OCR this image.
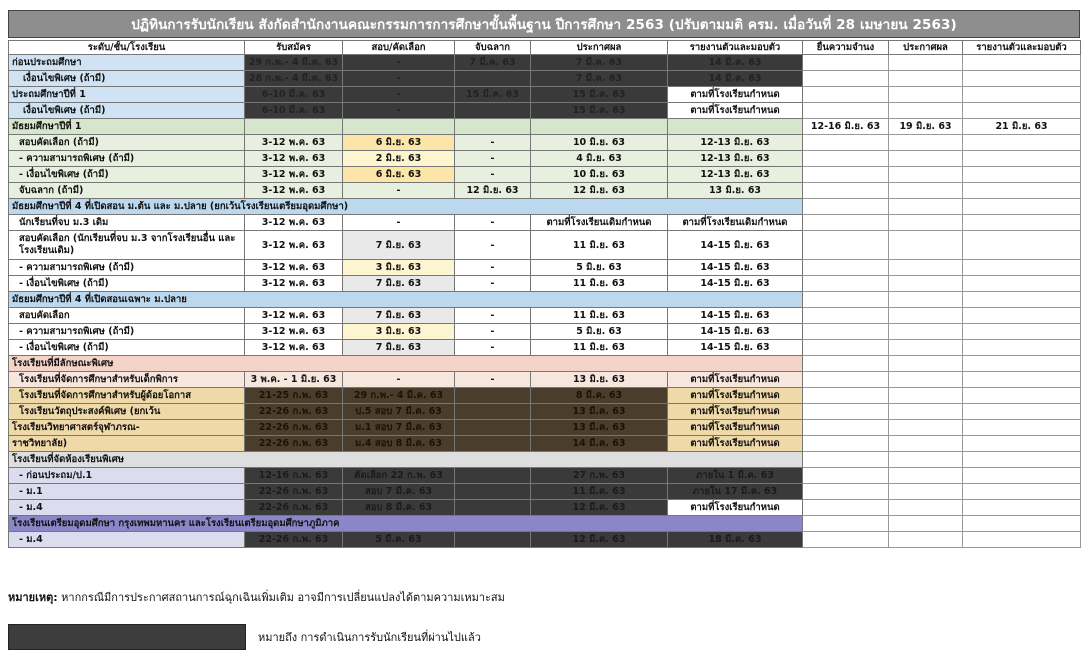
ปฏิทินการรับนักเรียน สังกัดสำนักงานคณะกรรมการการศึกษาขั้นพื้นฐาน ปีการศึกษา 2563 (ปรับตามมติ ครม. เมื่อวันที่ 28 เมษายน 2563)
ระดับ/ชั้น/โรงเรียน	รับสมัคร	สอบ/คัดเลือก	จับฉลาก	ประกาศผล	รายงานตัวและมอบตัว	ยื่นความจำนง	ประกาศผล	รายงานตัวและมอบตัว
ก่อนประถมศึกษา	29 ก.พ.- 4 มี.ค. 63	-	7 มี.ค. 63	7 มี.ค. 63	14 มี.ค. 63			
เงื่อนไขพิเศษ (ถ้ามี)	28 ก.พ.- 4 มี.ค. 63	-		7 มี.ค. 63	14 มี.ค. 63			
ประถมศึกษาปีที่ 1	6-10 มี.ค. 63	-	15 มี.ค. 63	15 มี.ค. 63	ตามที่โรงเรียนกำหนด			
เงื่อนไขพิเศษ (ถ้ามี)	6-10 มี.ค. 63	-		15 มี.ค. 63	ตามที่โรงเรียนกำหนด			
มัธยมศึกษาปีที่ 1						12-16 มิ.ย. 63	19 มิ.ย. 63	21 มิ.ย. 63
สอบคัดเลือก (ถ้ามี)	3-12 พ.ค. 63	6 มิ.ย. 63	-	10 มิ.ย. 63	12-13 มิ.ย. 63			
- ความสามารถพิเศษ (ถ้ามี)	3-12 พ.ค. 63	2 มิ.ย. 63	-	4 มิ.ย. 63	12-13 มิ.ย. 63			
- เงื่อนไขพิเศษ (ถ้ามี)	3-12 พ.ค. 63	6 มิ.ย. 63	-	10 มิ.ย. 63	12-13 มิ.ย. 63			
จับฉลาก (ถ้ามี)	3-12 พ.ค. 63	-	12 มิ.ย. 63	12 มิ.ย. 63	13 มิ.ย. 63			
มัธยมศึกษาปีที่ 4 ที่เปิดสอน ม.ต้น และ ม.ปลาย (ยกเว้นโรงเรียนเตรียมอุดมศึกษา)								
นักเรียนที่จบ ม.3 เดิม	3-12 พ.ค. 63	-	-	ตามที่โรงเรียนเดิมกำหนด	ตามที่โรงเรียนเดิมกำหนด			
สอบคัดเลือก (นักเรียนที่จบ ม.3 จากโรงเรียนอื่น และโรงเรียนเดิม)	3-12 พ.ค. 63	7 มิ.ย. 63	-	11 มิ.ย. 63	14-15 มิ.ย. 63			
- ความสามารถพิเศษ (ถ้ามี)	3-12 พ.ค. 63	3 มิ.ย. 63	-	5 มิ.ย. 63	14-15 มิ.ย. 63			
- เงื่อนไขพิเศษ (ถ้ามี)	3-12 พ.ค. 63	7 มิ.ย. 63	-	11 มิ.ย. 63	14-15 มิ.ย. 63			
มัธยมศึกษาปีที่ 4 ที่เปิดสอนเฉพาะ ม.ปลาย								
สอบคัดเลือก	3-12 พ.ค. 63	7 มิ.ย. 63	-	11 มิ.ย. 63	14-15 มิ.ย. 63			
- ความสามารถพิเศษ (ถ้ามี)	3-12 พ.ค. 63	3 มิ.ย. 63	-	5 มิ.ย. 63	14-15 มิ.ย. 63			
- เงื่อนไขพิเศษ (ถ้ามี)	3-12 พ.ค. 63	7 มิ.ย. 63	-	11 มิ.ย. 63	14-15 มิ.ย. 63			
โรงเรียนที่มีลักษณะพิเศษ								
โรงเรียนที่จัดการศึกษาสำหรับเด็กพิการ	3 พ.ค. - 1 มิ.ย. 63	-	-	13 มิ.ย. 63	ตามที่โรงเรียนกำหนด			
โรงเรียนที่จัดการศึกษาสำหรับผู้ด้อยโอกาส	21-25 ก.พ. 63	29 ก.พ.- 4 มี.ค. 63		8 มี.ค. 63	ตามที่โรงเรียนกำหนด			
โรงเรียนวัตถุประสงค์พิเศษ (ยกเว้น	22-26 ก.พ. 63	ป.5 สอบ 7 มี.ค. 63		13 มี.ค. 63	ตามที่โรงเรียนกำหนด			
โรงเรียนวิทยาศาสตร์จุฬาภรณ-	22-26 ก.พ. 63	ม.1 สอบ 7 มี.ค. 63		13 มี.ค. 63	ตามที่โรงเรียนกำหนด			
ราชวิทยาลัย)	22-26 ก.พ. 63	ม.4 สอบ 8 มี.ค. 63		14 มี.ค. 63	ตามที่โรงเรียนกำหนด			
โรงเรียนที่จัดห้องเรียนพิเศษ								
- ก่อนประถม/ป.1	12-16 ก.พ. 63	คัดเลือก 22 ก.พ. 63		27 ก.พ. 63	ภายใน 1 มี.ค. 63			
- ม.1	22-26 ก.พ. 63	สอบ 7 มี.ค. 63		11 มี.ค. 63	ภายใน 17 มี.ค. 63			
- ม.4	22-26 ก.พ. 63	สอบ 8 มี.ค. 63		12 มี.ค. 63	ตามที่โรงเรียนกำหนด			
โรงเรียนเตรียมอุดมศึกษา กรุงเทพมหานคร และโรงเรียนเตรียมอุดมศึกษาภูมิภาค								
- ม.4	22-26 ก.พ. 63	5 มี.ค. 63		12 มี.ค. 63	18 มี.ค. 63			
หมายเหตุ: หากกรณีมีการประกาศสถานการณ์ฉุกเฉินเพิ่มเติม อาจมีการเปลี่ยนแปลงได้ตามความเหมาะสม
หมายถึง การดำเนินการรับนักเรียนที่ผ่านไปแล้ว
